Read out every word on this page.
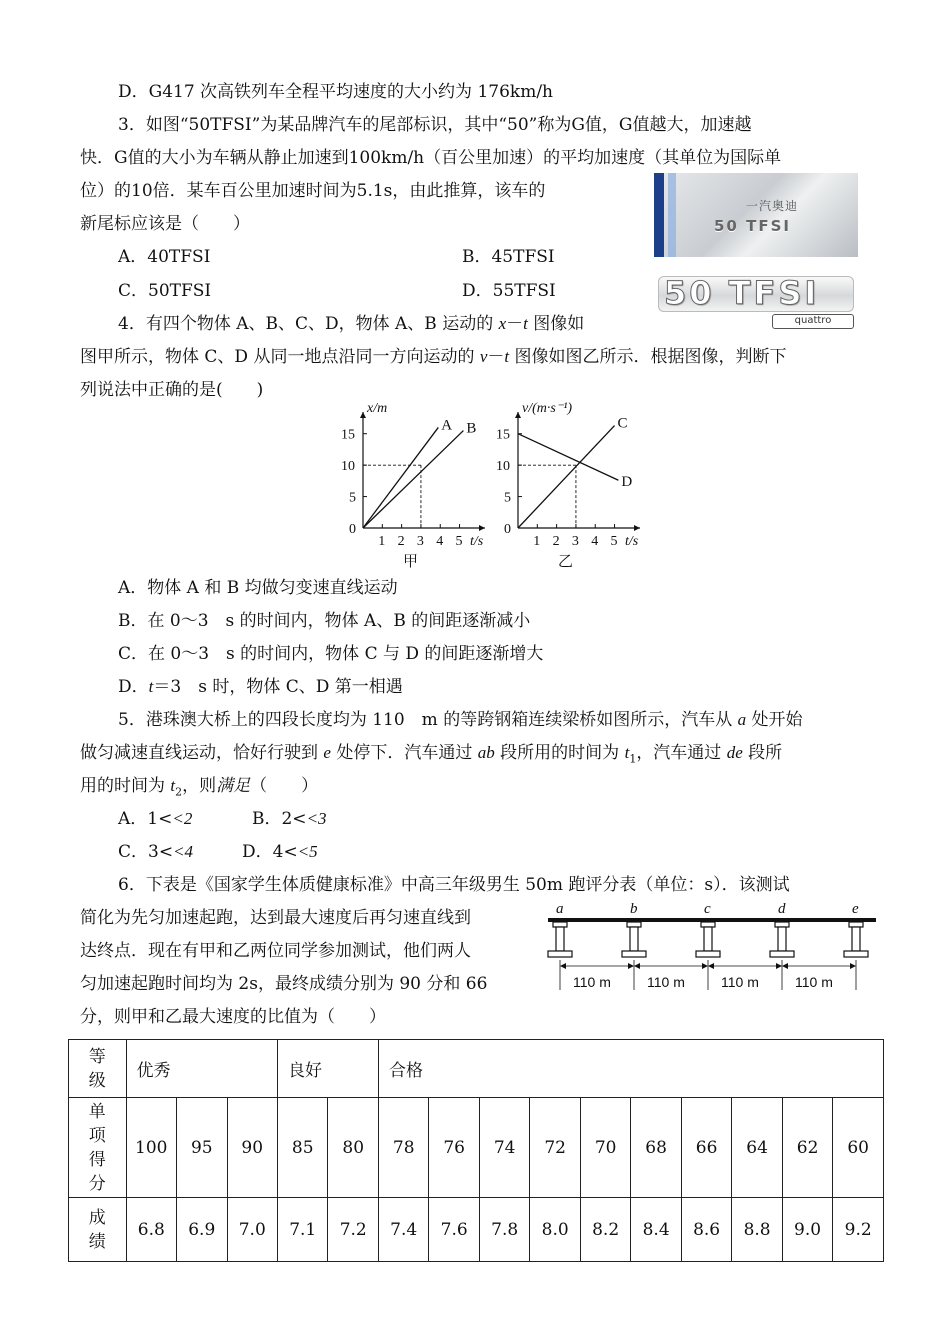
D．G417 次高铁列车全程平均速度的大小约为 176km/h
3．如图“50TFSI”为某品牌汽车的尾部标识，其中“50”称为G值，G值越大，加速越
快．G值的大小为车辆从静止加速到100km/h（百公里加速）的平均加速度（其单位为国际单
位）的10倍．某车百公里加速时间为5.1s，由此推算，该车的
新尾标应该是（　　）
A．40TFSI	B．45TFSI
C．50TFSI	D．55TFSI
一汽奥迪
50 TFSI
50 TFSI
quattro
4．有四个物体 A、B、C、D，物体 A、B 运动的 x－t 图像如
图甲所示，物体 C、D 从同一地点沿同一方向运动的 v－t 图像如图乙所示．根据图像，判断下
列说法中正确的是(　　)
1 2 3 4 5
0
5
10
15
A B
t/s
x/m
甲
1 2 3 4 5
0
5
10
15
C
D
t/s
v/(m·s⁻¹)
乙
A．物体 A 和 B 均做匀变速直线运动
B．在 0～3　s 的时间内，物体 A、B 的间距逐渐减小
C．在 0～3　s 的时间内，物体 C 与 D 的间距逐渐增大
D．t＝3　s 时，物体 C、D 第一相遇
5．港珠澳大桥上的四段长度均为 110　m 的等跨钢箱连续梁桥如图所示，汽车从 a 处开始
做匀减速直线运动，恰好行驶到 e 处停下．汽车通过 ab 段所用的时间为 $t_1$，汽车通过 de 段所
用的时间为 $t_2$，则满足（　　）
A．1<<2	B．2<<3
C．3<<4	D．4<<5
6．下表是《国家学生体质健康标准》中高三年级男生 50m 跑评分表（单位：s）．该测试
简化为先匀加速起跑，达到最大速度后再匀速直线到
达终点．现在有甲和乙两位同学参加测试，他们两人
匀加速起跑时间均为 2s，最终成绩分别为 90 分和 66
分，则甲和乙最大速度的比值为（　　）
a	b	c	d	e
110 m	110 m	110 m	110 m
等级	优秀			良好		合格									
单项得分	100	95	90	85	80	78	76	74	72	70	68	66	64	62	60
成绩	6.8	6.9	7.0	7.1	7.2	7.4	7.6	7.8	8.0	8.2	8.4	8.6	8.8	9.0	9.2
